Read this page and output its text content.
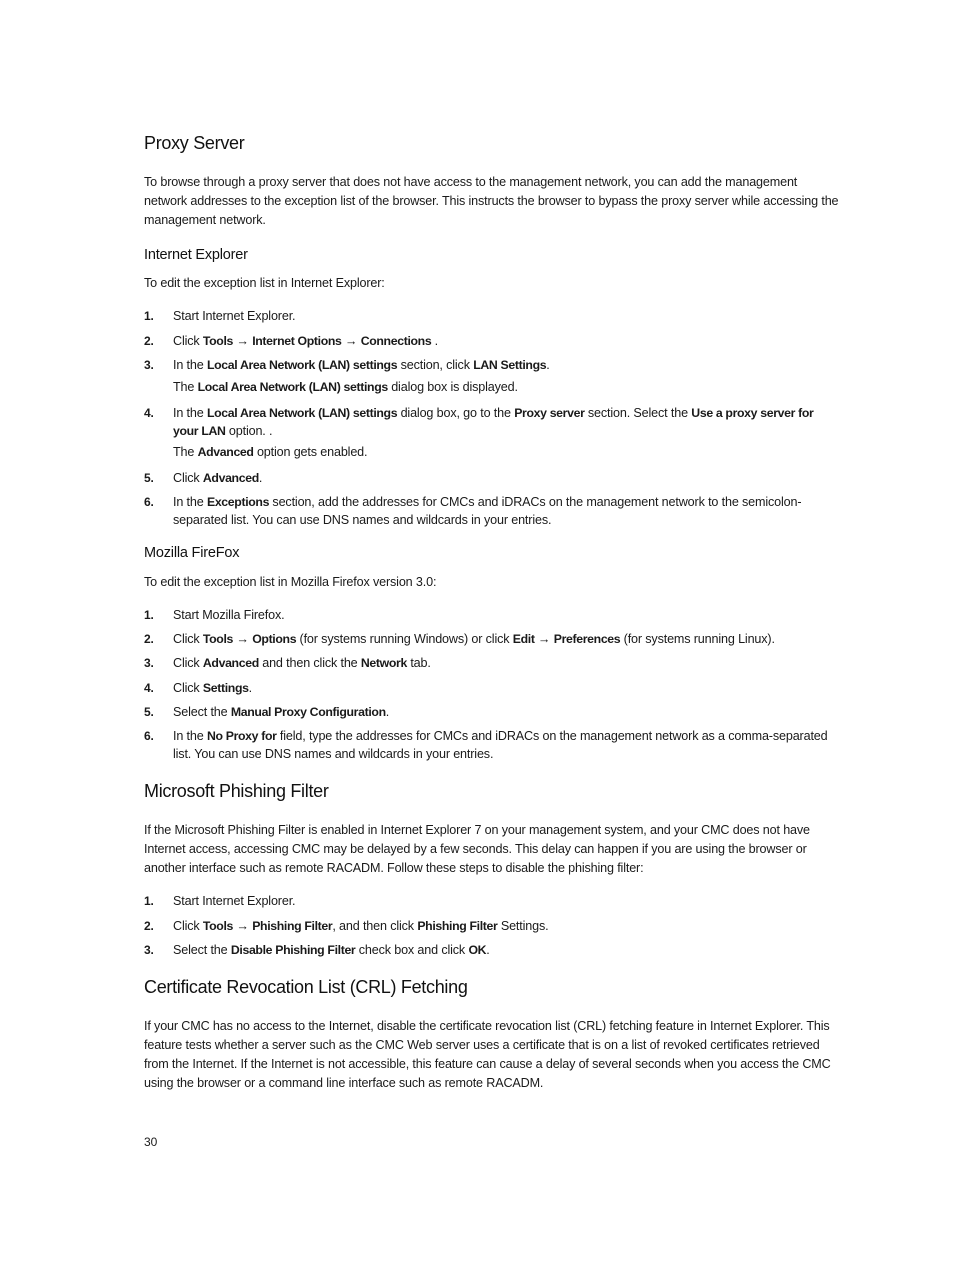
Proxy Server

To browse through a proxy server that does not have access to the management network, you can add the management network addresses to the exception list of the browser. This instructs the browser to bypass the proxy server while accessing the management network.

Internet Explorer

To edit the exception list in Internet Explorer:

1. Start Internet Explorer.
2. Click Tools → Internet Options → Connections .
3. In the Local Area Network (LAN) settings section, click LAN Settings.
The Local Area Network (LAN) settings dialog box is displayed.
4. In the Local Area Network (LAN) settings dialog box, go to the Proxy server section. Select the Use a proxy server for your LAN option. .
The Advanced option gets enabled.
5. Click Advanced.
6. In the Exceptions section, add the addresses for CMCs and iDRACs on the management network to the semicolon-separated list. You can use DNS names and wildcards in your entries.
Mozilla FireFox

To edit the exception list in Mozilla Firefox version 3.0:

1. Start Mozilla Firefox.
2. Click Tools → Options (for systems running Windows) or click Edit → Preferences (for systems running Linux).
3. Click Advanced and then click the Network tab.
4. Click Settings.
5. Select the Manual Proxy Configuration.
6. In the No Proxy for field, type the addresses for CMCs and iDRACs on the management network as a comma-separated list. You can use DNS names and wildcards in your entries.
Microsoft Phishing Filter

If the Microsoft Phishing Filter is enabled in Internet Explorer 7 on your management system, and your CMC does not have Internet access, accessing CMC may be delayed by a few seconds. This delay can happen if you are using the browser or another interface such as remote RACADM. Follow these steps to disable the phishing filter:

1. Start Internet Explorer.
2. Click Tools → Phishing Filter, and then click Phishing Filter Settings.
3. Select the Disable Phishing Filter check box and click OK.
Certificate Revocation List (CRL) Fetching

If your CMC has no access to the Internet, disable the certificate revocation list (CRL) fetching feature in Internet Explorer. This feature tests whether a server such as the CMC Web server uses a certificate that is on a list of revoked certificates retrieved from the Internet. If the Internet is not accessible, this feature can cause a delay of several seconds when you access the CMC using the browser or a command line interface such as remote RACADM.

30
